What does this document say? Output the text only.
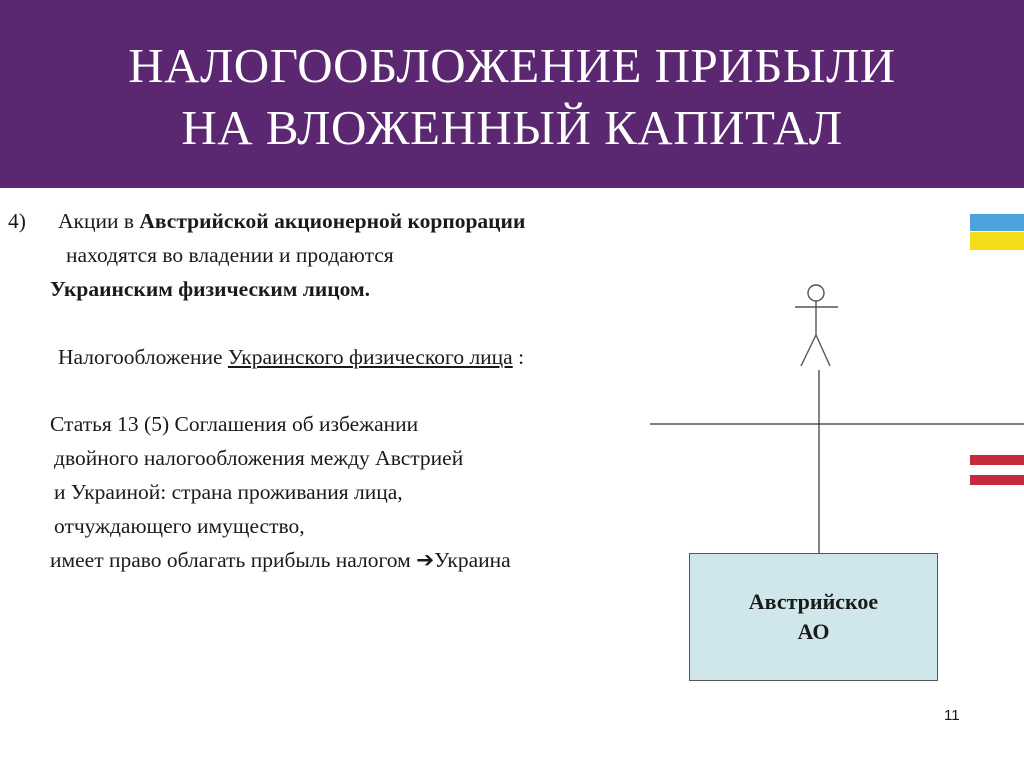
НАЛОГООБЛОЖЕНИЕ ПРИБЫЛИ
НА ВЛОЖЕННЫЙ КАПИТАЛ
4) Акции в Австрийской акционерной корпорации
находятся во владении и продаются
Украинским физическим лицом.
Налогообложение Украинского физического лица :
Статья 13 (5) Соглашения об избежании
двойного налогообложения между Австрией
и Украиной: страна проживания лица,
отчуждающего имущество,
имеет право облагать прибыль налогом ➔Украина
Австрийское
АО
11
